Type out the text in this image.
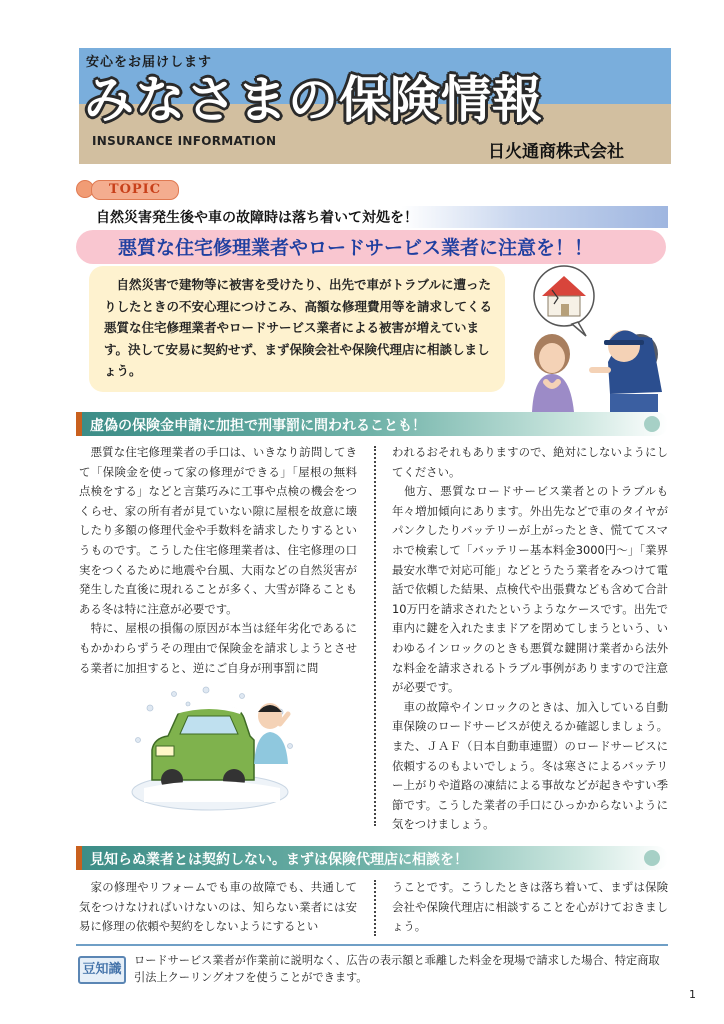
安心をお届けします
みなさまの保険情報
INSURANCE INFORMATION
日火通商株式会社
TOPIC
自然災害発生後や車の故障時は落ち着いて対処を！
悪質な住宅修理業者やロードサービス業者に注意を！！
　自然災害で建物等に被害を受けたり、出先で車がトラブルに遭ったりしたときの不安心理につけこみ、高額な修理費用等を請求してくる悪質な住宅修理業者やロードサービス業者による被害が増えています。決して安易に契約せず、まず保険会社や保険代理店に相談しましょう。
虚偽の保険金申請に加担で刑事罰に問われることも！
　悪質な住宅修理業者の手口は、いきなり訪問してきて「保険金を使って家の修理ができる」「屋根の無料点検をする」などと言葉巧みに工事や点検の機会をつくらせ、家の所有者が見ていない隙に屋根を故意に壊したり多額の修理代金や手数料を請求したりするというものです。こうした住宅修理業者は、住宅修理の口実をつくるために地震や台風、大雨などの自然災害が発生した直後に現れることが多く、大雪が降ることもある冬は特に注意が必要です。
　特に、屋根の損傷の原因が本当は経年劣化であるにもかかわらずうその理由で保険金を請求しようとさせる業者に加担すると、逆にご自身が刑事罰に問
われるおそれもありますので、絶対にしないようにしてください。
　他方、悪質なロードサービス業者とのトラブルも年々増加傾向にあります。外出先などで車のタイヤがパンクしたりバッテリーが上がったとき、慌ててスマホで検索して「バッテリー基本料金3000円〜」「業界最安水準で対応可能」などとうたう業者をみつけて電話で依頼した結果、点検代や出張費なども含めて合計10万円を請求されたというようなケースです。出先で車内に鍵を入れたままドアを閉めてしまうという、いわゆるインロックのときも悪質な鍵開け業者から法外な料金を請求されるトラブル事例がありますので注意が必要です。
　車の故障やインロックのときは、加入している自動車保険のロードサービスが使えるか確認しましょう。また、ＪＡＦ（日本自動車連盟）のロードサービスに依頼するのもよいでしょう。冬は寒さによるバッテリー上がりや道路の凍結による事故などが起きやすい季節です。こうした業者の手口にひっかからないように気をつけましょう。
見知らぬ業者とは契約しない。まずは保険代理店に相談を！
　家の修理やリフォームでも車の故障でも、共通して気をつけなければいけないのは、知らない業者には安易に修理の依頼や契約をしないようにするとい
うことです。こうしたときは落ち着いて、まずは保険会社や保険代理店に相談することを心がけておきましょう。
豆知識
ロードサービス業者が作業前に説明なく、広告の表示額と乖離した料金を現場で請求した場合、特定商取引法上クーリングオフを使うことができます。
1
